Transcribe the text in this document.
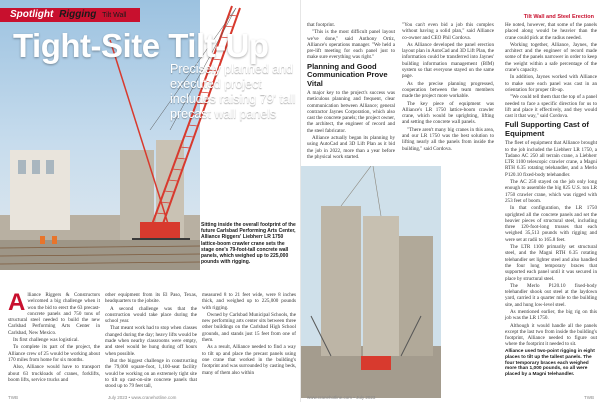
Spotlight Rigging Tilt Wall
Tight-Site Tilt-Up
Precisely planned and executed project includes raising 79' tall precast wall panels
Sitting inside the overall footprint of the future Carlsbad Performing Arts Center, Alliance Riggers' Liebherr LR 1750 lattice-boom crawler crane sets the stage one's 79-foot-tall concrete wall panels, which weighed up to 225,000 pounds with rigging.

Alliance Riggers & Constructors welcomed a big challenge when it won the bid to erect the 63 precast-concrete panels and 750 tons of structural steel needed to build the new Carlsbad Performing Arts Center in Carlsbad, New Mexico.

Its first challenge was logistical.

To complete its part of the project, the Alliance crew of 25 would be working about 170 miles from home for six months.

Also, Alliance would have to transport about 63 truckloads of cranes, forklifts, boom lifts, service trucks and

other equipment from its El Paso, Texas, headquarters to the jobsite.

A second challenge was that the construction would take place during the school year.

That meant work had to stop when classes changed during the day; heavy lifts would be made when nearby classrooms were empty, and steel would be hung during off hours when possible.

But the biggest challenge in constructing the 79,000 square-foot, 1,100-seat facility would be working on an extremely tight site to tilt up cast-on-site concrete panels that stood up to 79 feet tall,

measured 8 to 21 feet wide, were 8 inches thick, and weighed up to 225,000 pounds with rigging.

Owned by Carlsbad Municipal Schools, the new performing arts center sits between three other buildings on the Carlsbad High School grounds, and stands just 15 feet from one of them.

As a result, Alliance needed to find a way to tilt up and place the precast panels using one crane that worked in the building's footprint and was surrounded by casting beds, many of them also within

TWB	July 2023 • www.cranehotline.com
Tilt Wall and Steel Erection

that footprint.

"This is the most difficult panel layout we've done," said Anthony Ortiz, Alliance's operations manager. "We held a pre-lift meeting for each panel just to make sure everything was right."

Planning and Good Communication Prove Vital

A major key to the project's success was meticulous planning and frequent, clear communication between Alliance; general contractor Jaynes Corporation, which also cast the concrete panels; the project owner, the architect, the engineer of record and the steel fabricator.

Alliance actually began its planning by using AutoCad and 3D Lift Plan as it bid the job in 2022, more than a year before the physical work started.

"You can't even bid a job this complex without having a solid plan," said Alliance co-owner and CEO Phil Cordova.

As Alliance developed the panel erection layout plan in AutoCad and 3D Lift Plan, the information could be transferred into Jaynes' building information management (BIM) system so that everyone stayed on the same page.

As the precise planning progressed, cooperation between the team members made the project more workable.

The key piece of equipment was Alliance's LR 1750 lattice-boom crawler crane, which would be uprighting, lifting and setting the concrete wall panels.

"There aren't many big cranes in this area, and our LR 1750 was the best solution to lifting nearly all the panels from inside the building," said Cordova.

He noted, however, that some of the panels placed along would be heavier than the crane could pick at the radius needed.

Working together, Alliance, Jaynes, the architect and the engineer of record made some of the panels narrower in order to keep the weight within a safe percentage of the crane's capacity.

In addition, Jaynes worked with Alliance to make sure each panel was cast in an orientation for proper tilt-up.

"We could tell them that the top of a panel needed to face a specific direction for us to lift and place it effectively, and they would cast it that way," said Cordova.

Full Supporting Cast of Equipment

The fleet of equipment that Alliance brought to the job included the Liebherr LR 1750, a Tadano AC 250 all terrain crane, a Liebherr LTR 1100 telescopic crawler crane, a Magni RTH 6.35 rotating telehandler, and a Merlo P120.10 fixed-body telehandler.

The AC 250 stayed on the job only long enough to assemble the big 825 U.S. ton LR 1750 crawler crane, which was rigged with 253 feet of boom.

In that configuration, the LR 1750 uprighted all the concrete panels and set the heavier pieces of structural steel, including three 120-foot-long trusses that each weighed 35,513 pounds with rigging and were set at radii to 165.8 feet.

The LTR 1100 primarily set structural steel, and the Magni RTH 6.35 rotating telehandler set lighter steel and also handled the four long temporary braces that supported each panel until it was secured in place by structural steel.

The Merlo P120.10 fixed-body telehandler shook out steel at the laydown yard, carried it a quarter mile to the building site, and hung low-level steel.

As mentioned earlier, the big rig on this job was the LR 1750.

Although it would handle all the panels except the last two from inside the building's footprint, Alliance needed to figure out where the footprint it needed to sit.

Alliance used two-point rigging in eight places to tilt up the tallest panels. The four temporary braces each weighed more than 1,000 pounds, so all were placed by a Magni telehandler.

www.cranehotline.com • July 2023	TWB
